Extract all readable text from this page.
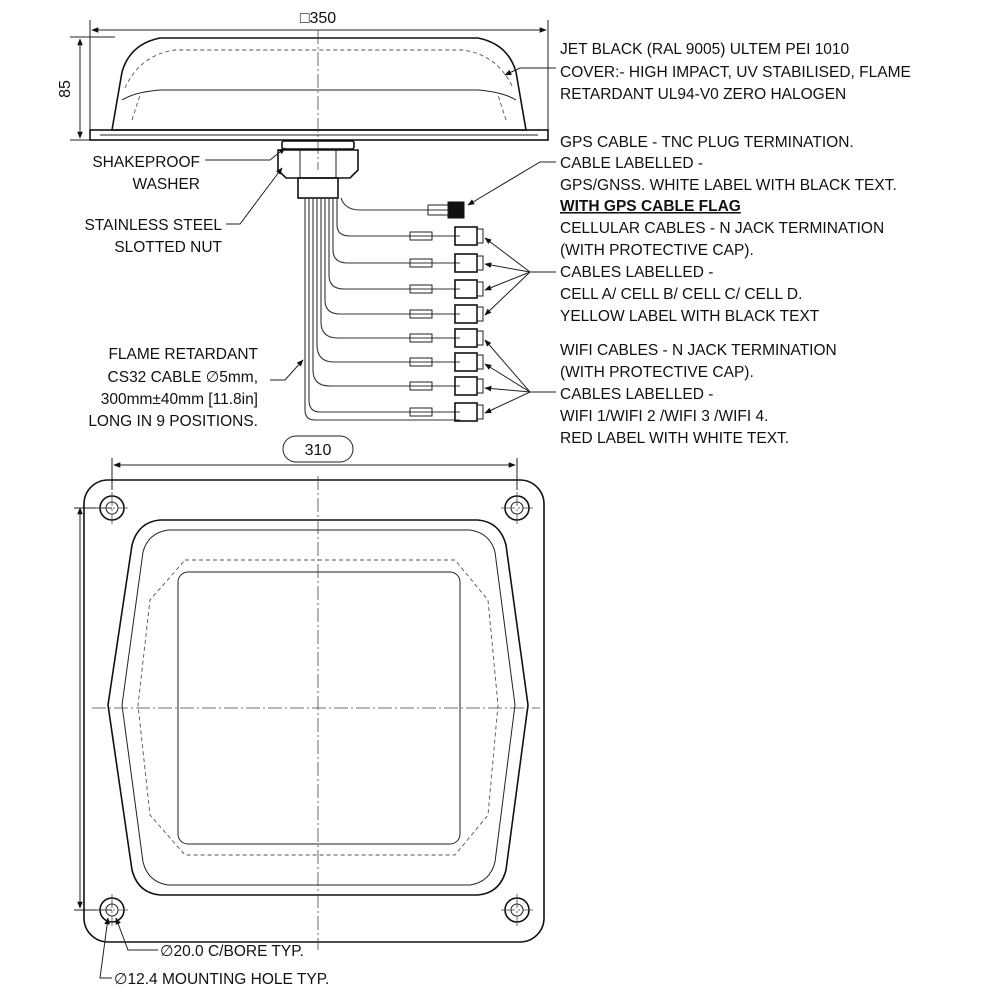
□350
85
JET BLACK (RAL 9005) ULTEM PEI 1010
COVER:- HIGH IMPACT, UV STABILISED, FLAME
RETARDANT UL94-V0 ZERO HALOGEN
GPS CABLE - TNC PLUG TERMINATION.
CABLE LABELLED -
GPS/GNSS. WHITE LABEL WITH BLACK TEXT.
WITH GPS CABLE FLAG
CELLULAR CABLES - N JACK TERMINATION
(WITH PROTECTIVE CAP).
CABLES LABELLED -
CELL A/ CELL B/ CELL C/ CELL D.
YELLOW LABEL WITH BLACK TEXT
WIFI CABLES - N JACK TERMINATION
(WITH PROTECTIVE CAP).
CABLES LABELLED -
WIFI 1/WIFI 2 /WIFI 3 /WIFI 4.
RED LABEL WITH WHITE TEXT.
SHAKEPROOF
WASHER
STAINLESS STEEL
SLOTTED NUT
FLAME RETARDANT
CS32 CABLE ∅5mm,
300mm±40mm [11.8in]
LONG IN 9 POSITIONS.
310
∅20.0 C/BORE TYP.
∅12.4 MOUNTING HOLE TYP.
